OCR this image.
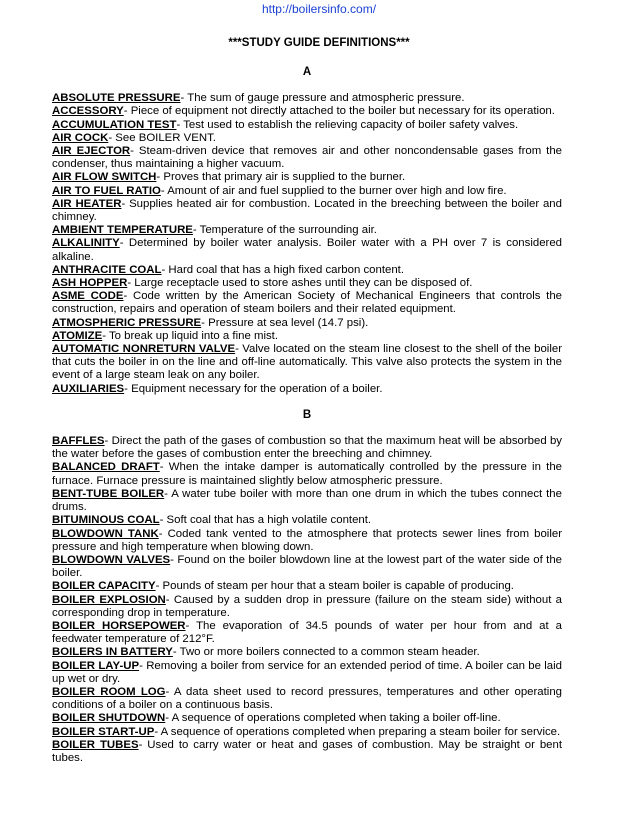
http://boilersinfo.com/
***STUDY GUIDE DEFINITIONS***
A

ABSOLUTE PRESSURE- The sum of gauge pressure and atmospheric pressure.

ACCESSORY- Piece of equipment not directly attached to the boiler but necessary for its operation.

ACCUMULATION TEST- Test used to establish the relieving capacity of boiler safety valves.

AIR COCK- See BOILER VENT.

AIR EJECTOR- Steam-driven device that removes air and other noncondensable gases from the condenser, thus maintaining a higher vacuum.

AIR FLOW SWITCH- Proves that primary air is supplied to the burner.

AIR TO FUEL RATIO- Amount of air and fuel supplied to the burner over high and low fire.

AIR HEATER- Supplies heated air for combustion. Located in the breeching between the boiler and chimney.

AMBIENT TEMPERATURE- Temperature of the surrounding air.

ALKALINITY- Determined by boiler water analysis. Boiler water with a PH over 7 is considered alkaline.

ANTHRACITE COAL- Hard coal that has a high fixed carbon content.

ASH HOPPER- Large receptacle used to store ashes until they can be disposed of.

ASME CODE- Code written by the American Society of Mechanical Engineers that controls the construction, repairs and operation of steam boilers and their related equipment.

ATMOSPHERIC PRESSURE- Pressure at sea level (14.7 psi).

ATOMIZE- To break up liquid into a fine mist.

AUTOMATIC NONRETURN VALVE- Valve located on the steam line closest to the shell of the boiler that cuts the boiler in on the line and off-line automatically. This valve also protects the system in the event of a large steam leak on any boiler.

AUXILIARIES- Equipment necessary for the operation of a boiler.

B

BAFFLES- Direct the path of the gases of combustion so that the maximum heat will be absorbed by the water before the gases of combustion enter the breeching and chimney.

BALANCED DRAFT- When the intake damper is automatically controlled by the pressure in the furnace. Furnace pressure is maintained slightly below atmospheric pressure.

BENT-TUBE BOILER- A water tube boiler with more than one drum in which the tubes connect the drums.

BITUMINOUS COAL- Soft coal that has a high volatile content.

BLOWDOWN TANK- Coded tank vented to the atmosphere that protects sewer lines from boiler pressure and high temperature when blowing down.

BLOWDOWN VALVES- Found on the boiler blowdown line at the lowest part of the water side of the boiler.

BOILER CAPACITY- Pounds of steam per hour that a steam boiler is capable of producing.

BOILER EXPLOSION- Caused by a sudden drop in pressure (failure on the steam side) without a corresponding drop in temperature.

BOILER HORSEPOWER- The evaporation of 34.5 pounds of water per hour from and at a feedwater temperature of 212°F.

BOILERS IN BATTERY- Two or more boilers connected to a common steam header.

BOILER LAY-UP- Removing a boiler from service for an extended period of time. A boiler can be laid up wet or dry.

BOILER ROOM LOG- A data sheet used to record pressures, temperatures and other operating conditions of a boiler on a continuous basis.

BOILER SHUTDOWN- A sequence of operations completed when taking a boiler off-line.

BOILER START-UP- A sequence of operations completed when preparing a steam boiler for service.

BOILER TUBES- Used to carry water or heat and gases of combustion. May be straight or bent tubes.
